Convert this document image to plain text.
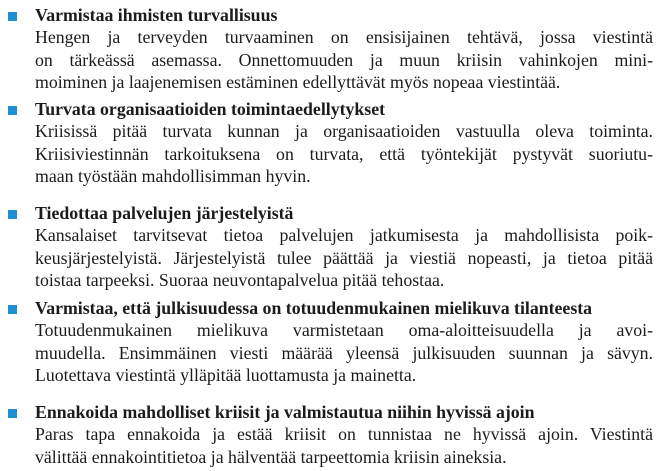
Varmistaa ihmisten turvallisuus
Hengen ja terveyden turvaaminen on ensisijainen tehtävä, jossa viestintä
on tärkeässä asemassa. Onnettomuuden ja muun kriisin vahinkojen mini-
moiminen ja laajenemisen estäminen edellyttävät myös nopeaa viestintää.
Turvata organisaatioiden toimintaedellytykset
Kriisissä pitää turvata kunnan ja organisaatioiden vastuulla oleva toiminta.
Kriisiviestinnän tarkoituksena on turvata, että työntekijät pystyvät suoriutu-
maan työstään mahdollisimman hyvin.
Tiedottaa palvelujen järjestelyistä
Kansalaiset tarvitsevat tietoa palvelujen jatkumisesta ja mahdollisista poik-
keusjärjestelyistä. Järjestelyistä tulee päättää ja viestiä nopeasti, ja tietoa pitää
toistaa tarpeeksi. Suoraa neuvontapalvelua pitää tehostaa.
Varmistaa, että julkisuudessa on totuudenmukainen mielikuva tilanteesta
Totuudenmukainen mielikuva varmistetaan oma-aloitteisuudella ja avoi-
muudella. Ensimmäinen viesti määrää yleensä julkisuuden suunnan ja sävyn.
Luotettava viestintä ylläpitää luottamusta ja mainetta.
Ennakoida mahdolliset kriisit ja valmistautua niihin hyvissä ajoin
Paras tapa ennakoida ja estää kriisit on tunnistaa ne hyvissä ajoin. Viestintä
välittää ennakointitietoa ja hälventää tarpeettomia kriisin aineksia.
